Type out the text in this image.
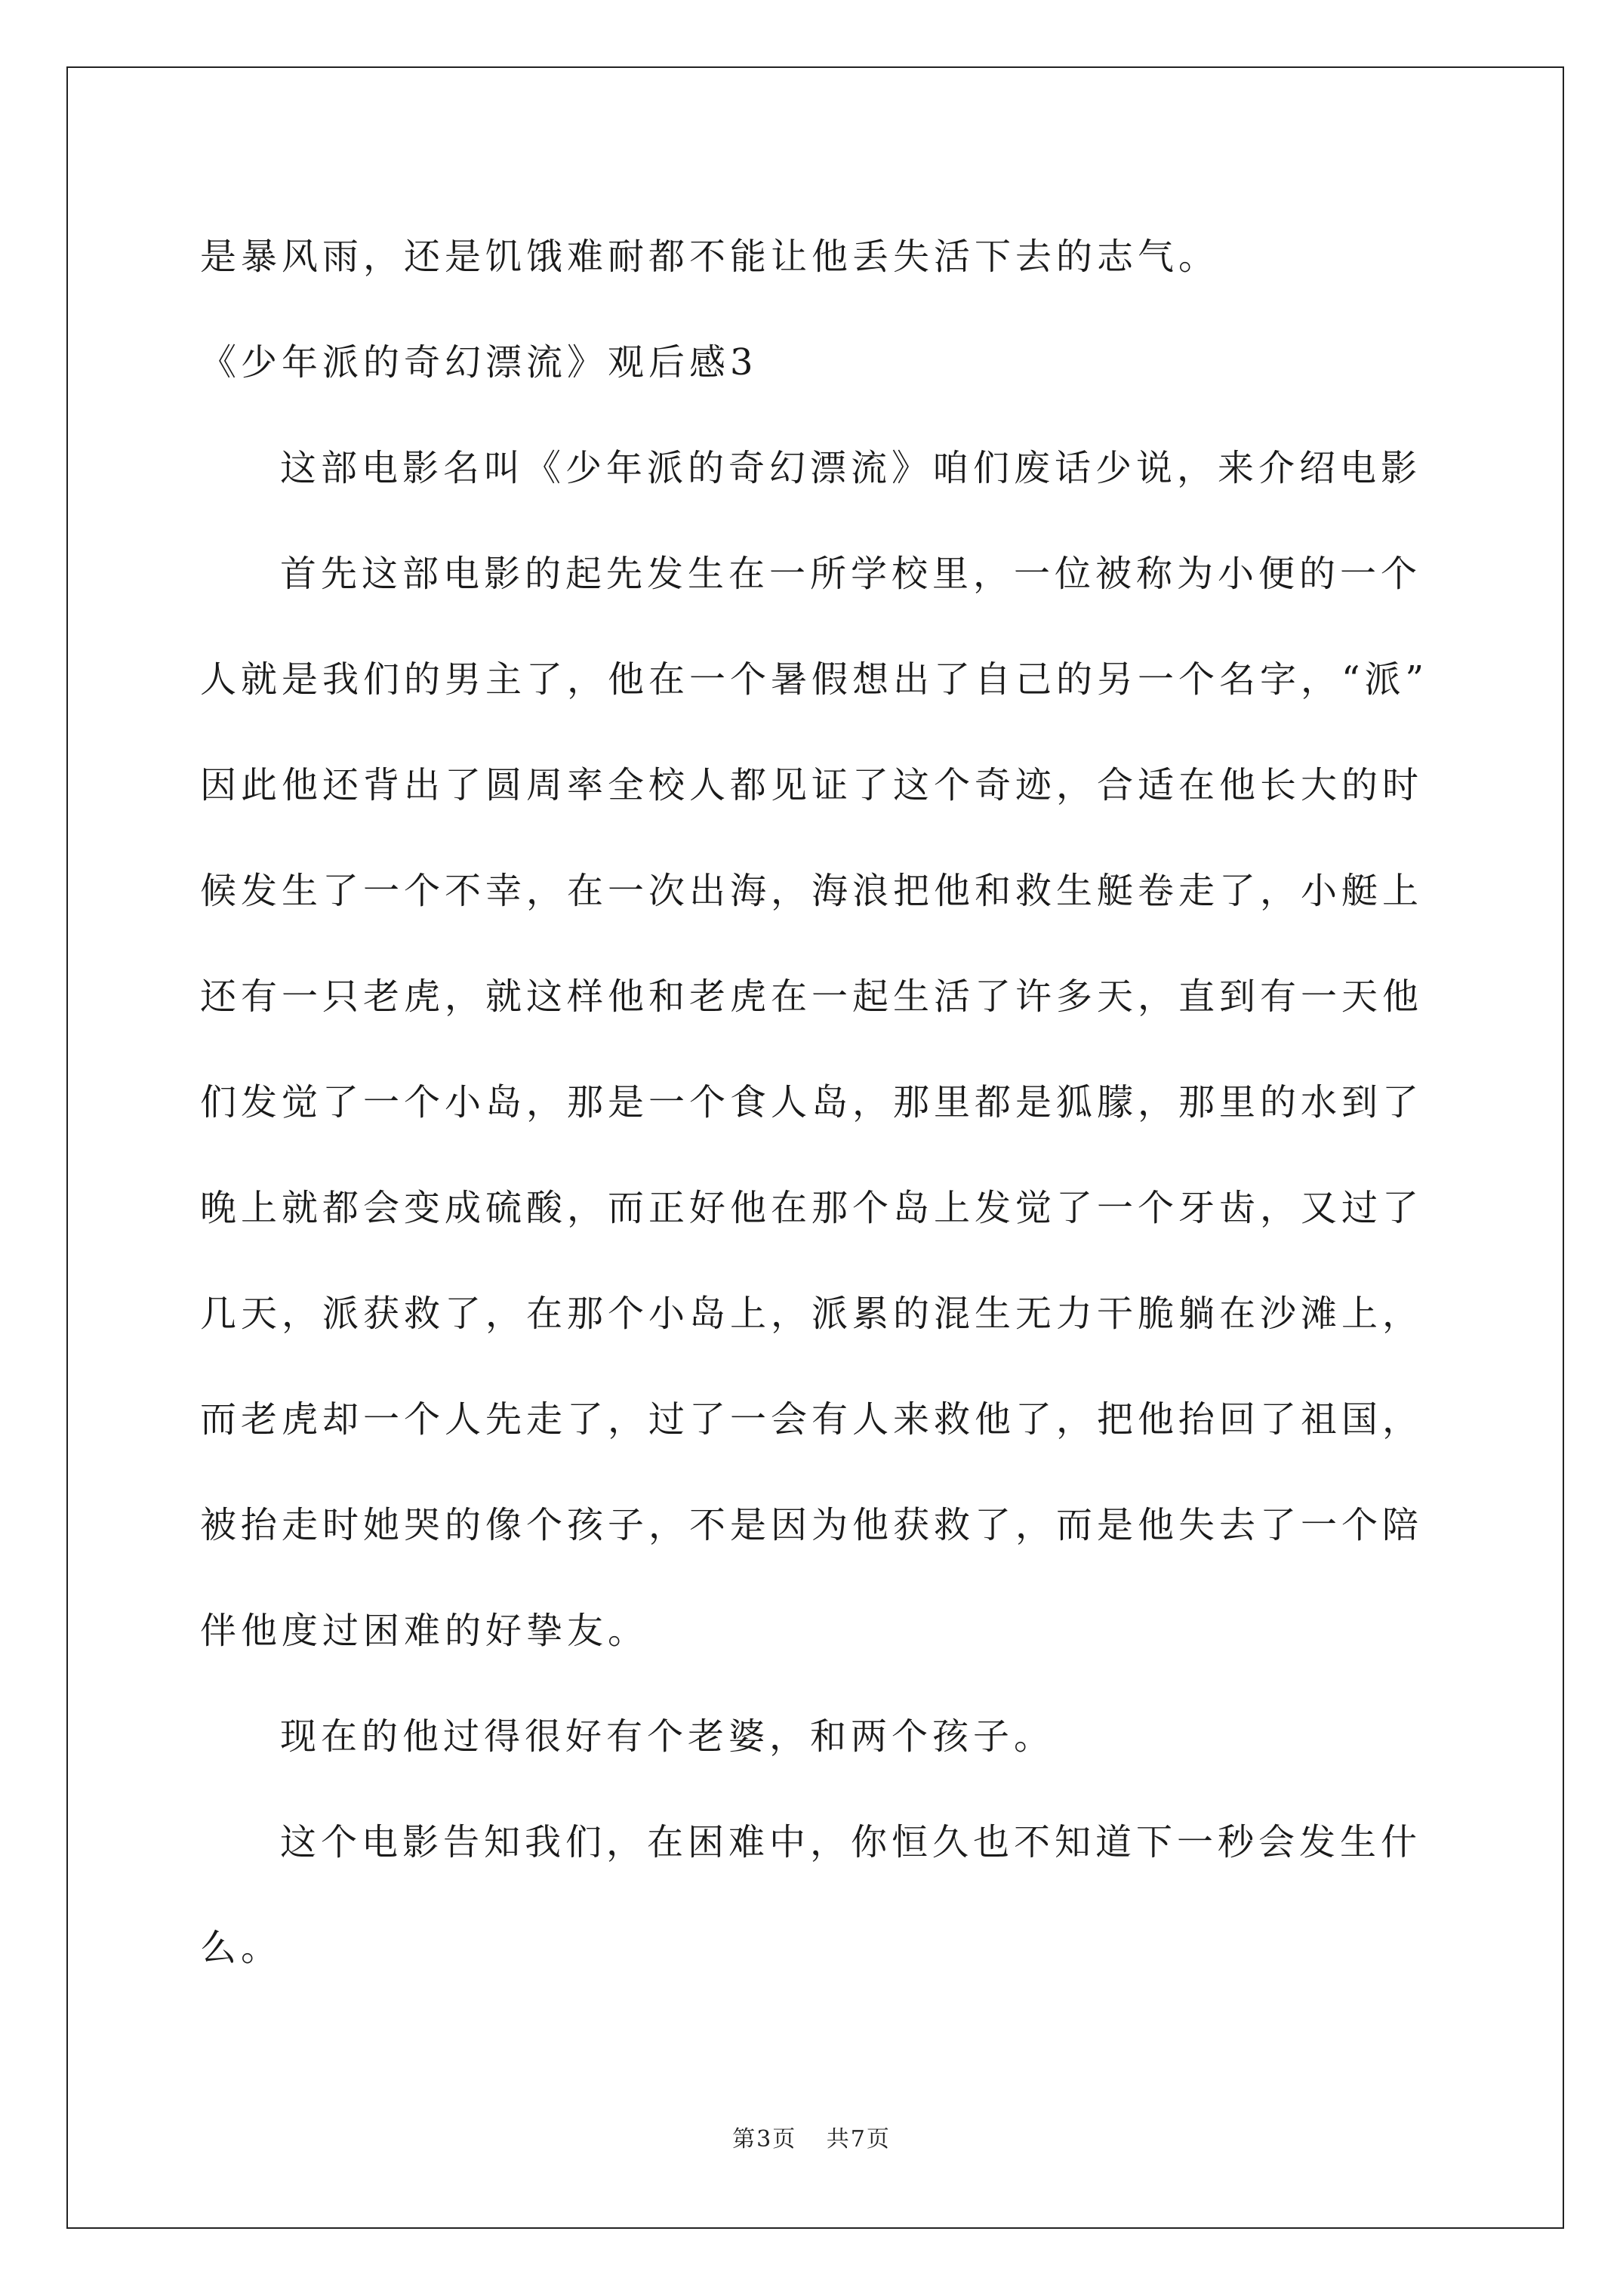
是暴风雨，还是饥饿难耐都不能让他丢失活下去的志气。
《少年派的奇幻漂流》观后感3
这部电影名叫《少年派的奇幻漂流》咱们废话少说，来介绍电影
首先这部电影的起先发生在一所学校里，一位被称为小便的一个
人就是我们的男主了，他在一个暑假想出了自己的另一个名字，“派”
因此他还背出了圆周率全校人都见证了这个奇迹，合适在他长大的时
候发生了一个不幸，在一次出海，海浪把他和救生艇卷走了，小艇上
还有一只老虎，就这样他和老虎在一起生活了许多天，直到有一天他
们发觉了一个小岛，那是一个食人岛，那里都是狐朦，那里的水到了
晚上就都会变成硫酸，而正好他在那个岛上发觉了一个牙齿，又过了
几天，派获救了，在那个小岛上，派累的混生无力干脆躺在沙滩上，
而老虎却一个人先走了，过了一会有人来救他了，把他抬回了祖国，
被抬走时她哭的像个孩子，不是因为他获救了，而是他失去了一个陪
伴他度过困难的好挚友。
现在的他过得很好有个老婆，和两个孩子。
这个电影告知我们，在困难中，你恒久也不知道下一秒会发生什
么。
第3页 共7页
